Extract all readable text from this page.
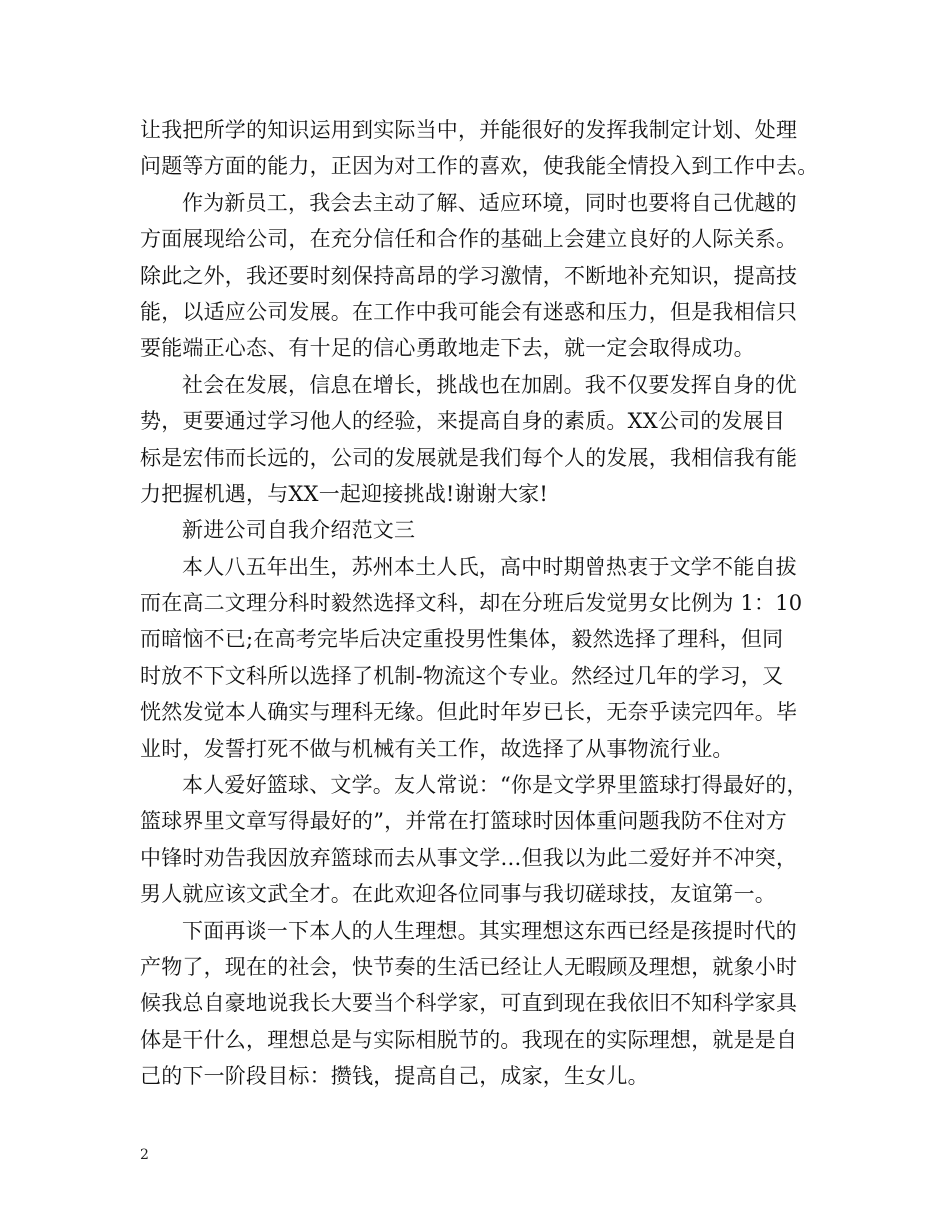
让我把所学的知识运用到实际当中，并能很好的发挥我制定计划、处理
问题等方面的能力，正因为对工作的喜欢，使我能全情投入到工作中去。
作为新员工，我会去主动了解、适应环境，同时也要将自己优越的
方面展现给公司，在充分信任和合作的基础上会建立良好的人际关系。
除此之外，我还要时刻保持高昂的学习激情，不断地补充知识，提高技
能，以适应公司发展。在工作中我可能会有迷惑和压力，但是我相信只
要能端正心态、有十足的信心勇敢地走下去，就一定会取得成功。
社会在发展，信息在增长，挑战也在加剧。我不仅要发挥自身的优
势，更要通过学习他人的经验，来提高自身的素质。XX公司的发展目
标是宏伟而长远的，公司的发展就是我们每个人的发展，我相信我有能
力把握机遇，与XX一起迎接挑战!谢谢大家!
新进公司自我介绍范文三
本人八五年出生，苏州本土人氏，高中时期曾热衷于文学不能自拔
而在高二文理分科时毅然选择文科，却在分班后发觉男女比例为 1：10
而暗恼不已;在高考完毕后决定重投男性集体，毅然选择了理科，但同
时放不下文科所以选择了机制-物流这个专业。然经过几年的学习，又
恍然发觉本人确实与理科无缘。但此时年岁已长，无奈乎读完四年。毕
业时，发誓打死不做与机械有关工作，故选择了从事物流行业。
本人爱好篮球、文学。友人常说：“你是文学界里篮球打得最好的，
篮球界里文章写得最好的”，并常在打篮球时因体重问题我防不住对方
中锋时劝告我因放弃篮球而去从事文学…但我以为此二爱好并不冲突，
男人就应该文武全才。在此欢迎各位同事与我切磋球技，友谊第一。
下面再谈一下本人的人生理想。其实理想这东西已经是孩提时代的
产物了，现在的社会，快节奏的生活已经让人无暇顾及理想，就象小时
候我总自豪地说我长大要当个科学家，可直到现在我依旧不知科学家具
体是干什么，理想总是与实际相脱节的。我现在的实际理想，就是是自
己的下一阶段目标：攒钱，提高自己，成家，生女儿。
2
